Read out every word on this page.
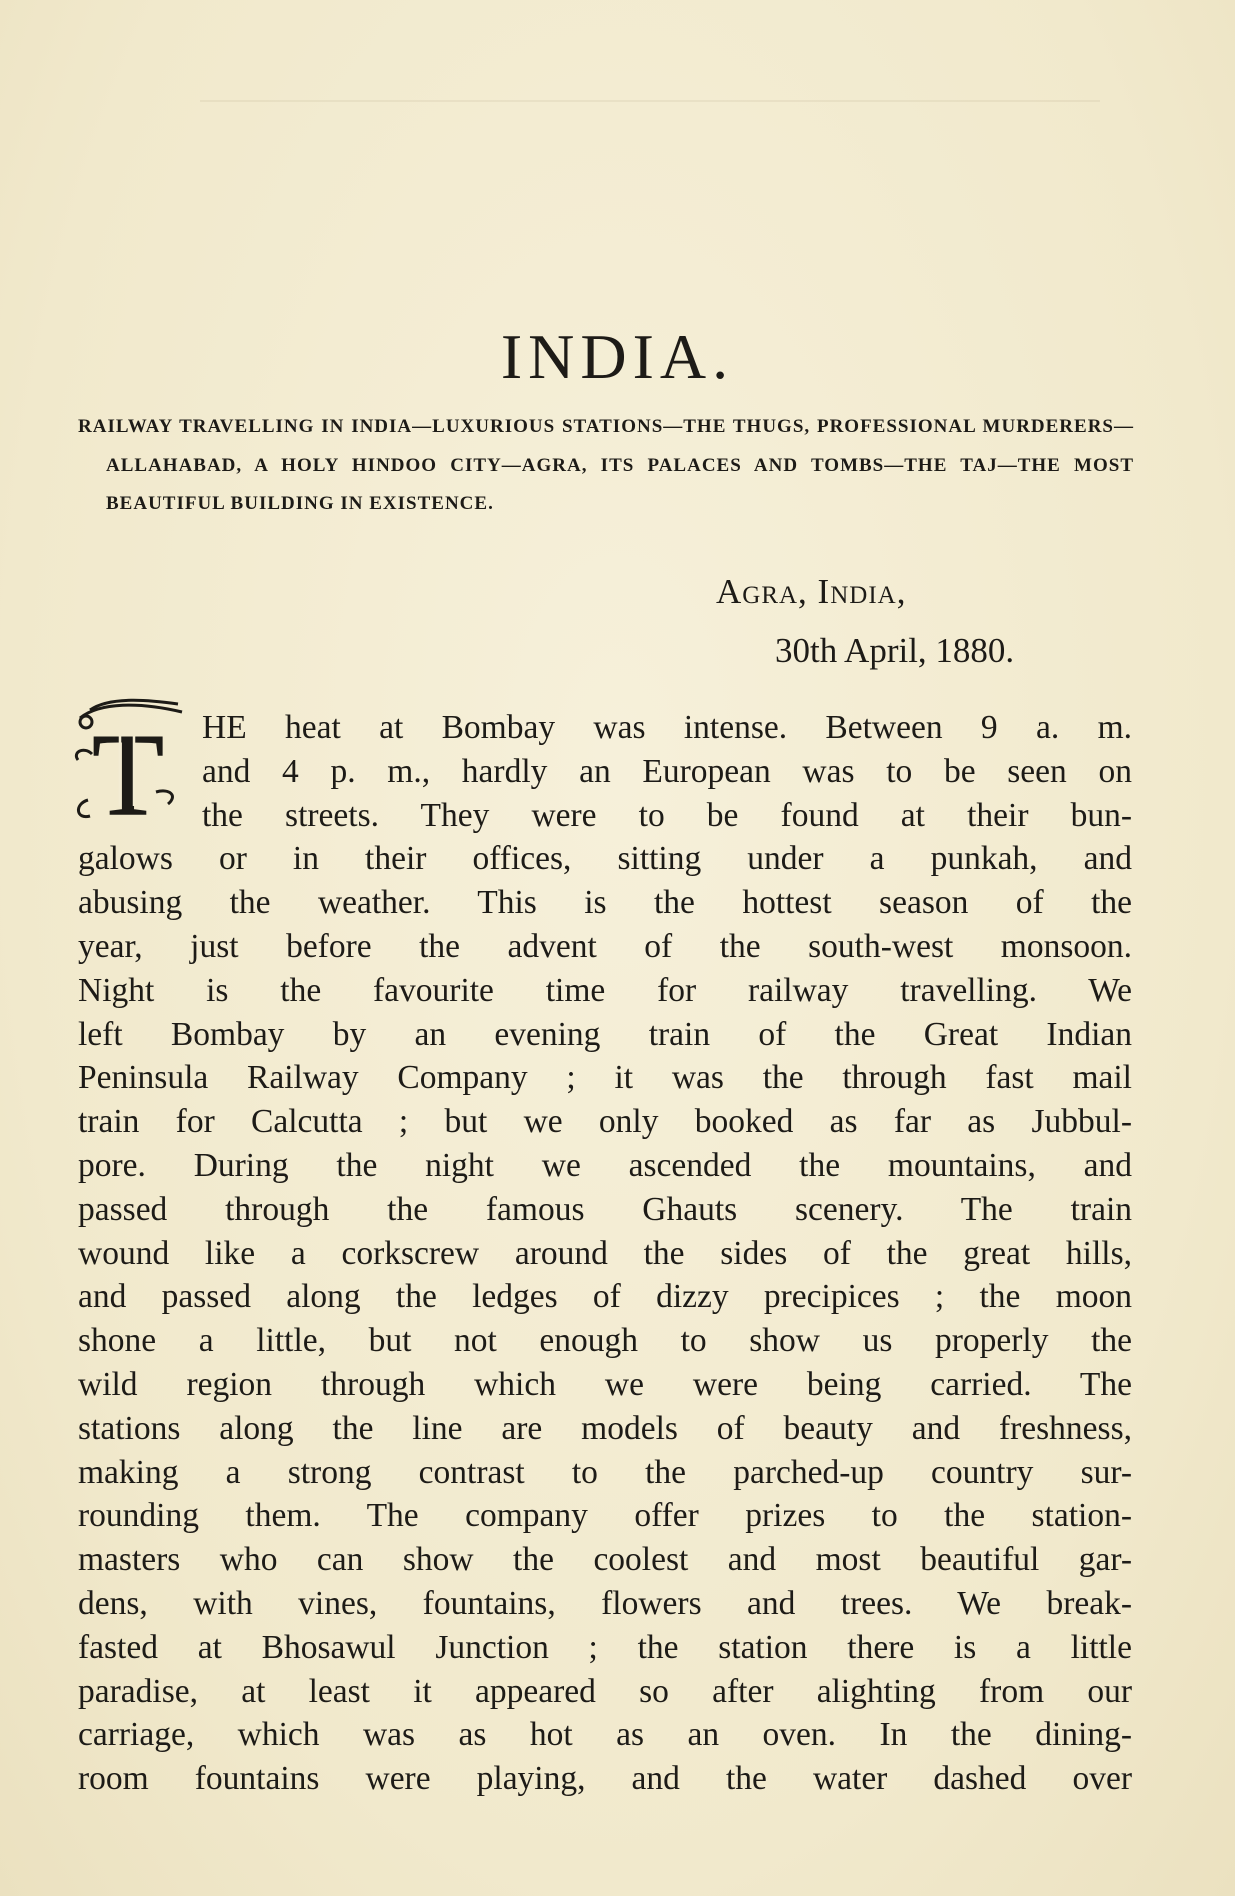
INDIA.

RAILWAY TRAVELLING IN INDIA—LUXURIOUS STATIONS—THE THUGS, PROFESSIONAL MURDERERS—ALLAHABAD, A HOLY HINDOO CITY—AGRA, ITS PALACES AND TOMBS—THE TAJ—THE MOST BEAUTIFUL BUILDING IN EXISTENCE.

Agra, India,
30th April, 1880.
T HE heat at Bombay was intense. Between 9 a. m.
and 4 p. m., hardly an European was to be seen on
the streets. They were to be found at their bun-
galows or in their offices, sitting under a punkah, and
abusing the weather. This is the hottest season of the
year, just before the advent of the south-west monsoon.
Night is the favourite time for railway travelling. We
left Bombay by an evening train of the Great Indian
Peninsula Railway Company ; it was the through fast mail
train for Calcutta ; but we only booked as far as Jubbul-
pore. During the night we ascended the mountains, and
passed through the famous Ghauts scenery. The train
wound like a corkscrew around the sides of the great hills,
and passed along the ledges of dizzy precipices ; the moon
shone a little, but not enough to show us properly the
wild region through which we were being carried. The
stations along the line are models of beauty and freshness,
making a strong contrast to the parched-up country sur-
rounding them. The company offer prizes to the station-
masters who can show the coolest and most beautiful gar-
dens, with vines, fountains, flowers and trees. We break-
fasted at Bhosawul Junction ; the station there is a little
paradise, at least it appeared so after alighting from our
carriage, which was as hot as an oven. In the dining-
room fountains were playing, and the water dashed over
